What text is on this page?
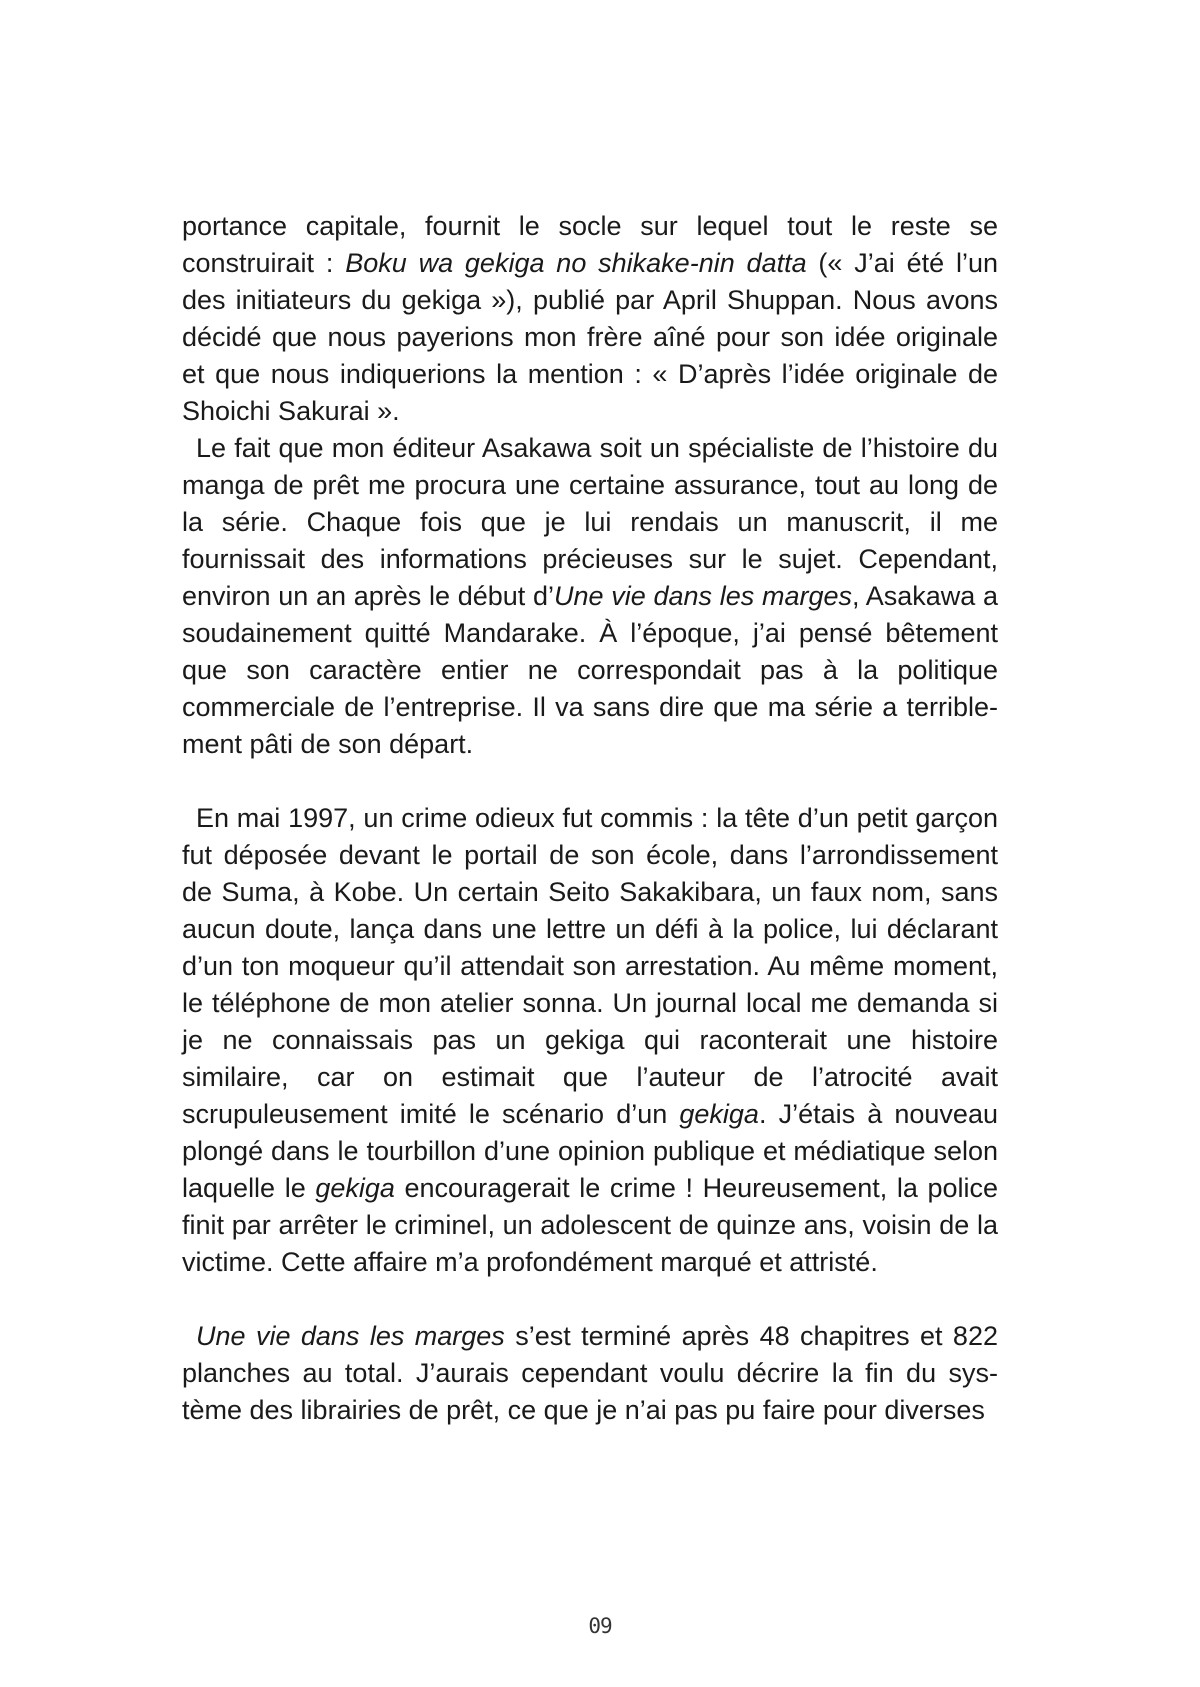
portance capitale, fournit le socle sur lequel tout le reste se construirait : Boku wa gekiga no shikake-nin datta (« J’ai été l’un des initiateurs du gekiga »), publié par April Shuppan. Nous avons décidé que nous payerions mon frère aîné pour son idée originale et que nous indiquerions la mention : « D’après l’idée originale de Shoichi Sakurai ».

Le fait que mon éditeur Asakawa soit un spécialiste de l’histoire du manga de prêt me procura une certaine assurance, tout au long de la série. Chaque fois que je lui rendais un manuscrit, il me fournissait des informations précieuses sur le sujet. Cependant, environ un an après le début d’Une vie dans les marges, Asakawa a soudainement quitté Mandarake. À l’époque, j’ai pensé bêtement que son caractère entier ne correspondait pas à la politique commerciale de l’entreprise. Il va sans dire que ma série a terriblement pâti de son départ.

En mai 1997, un crime odieux fut commis : la tête d’un petit garçon fut déposée devant le portail de son école, dans l’arrondissement de Suma, à Kobe. Un certain Seito Sakakibara, un faux nom, sans aucun doute, lança dans une lettre un défi à la police, lui déclarant d’un ton moqueur qu’il attendait son arrestation. Au même moment, le téléphone de mon atelier sonna. Un journal local me demanda si je ne connaissais pas un gekiga qui raconterait une histoire similaire, car on estimait que l’auteur de l’atrocité avait scrupuleusement imité le scénario d’un gekiga. J’étais à nouveau plongé dans le tourbillon d’une opinion publique et médiatique selon laquelle le gekiga encouragerait le crime ! Heureusement, la police finit par arrêter le criminel, un adolescent de quinze ans, voisin de la victime. Cette affaire m’a profondément marqué et attristé.

Une vie dans les marges s’est terminé après 48 chapitres et 822 planches au total. J’aurais cependant voulu décrire la fin du système des librairies de prêt, ce que je n’ai pas pu faire pour diverses

09
